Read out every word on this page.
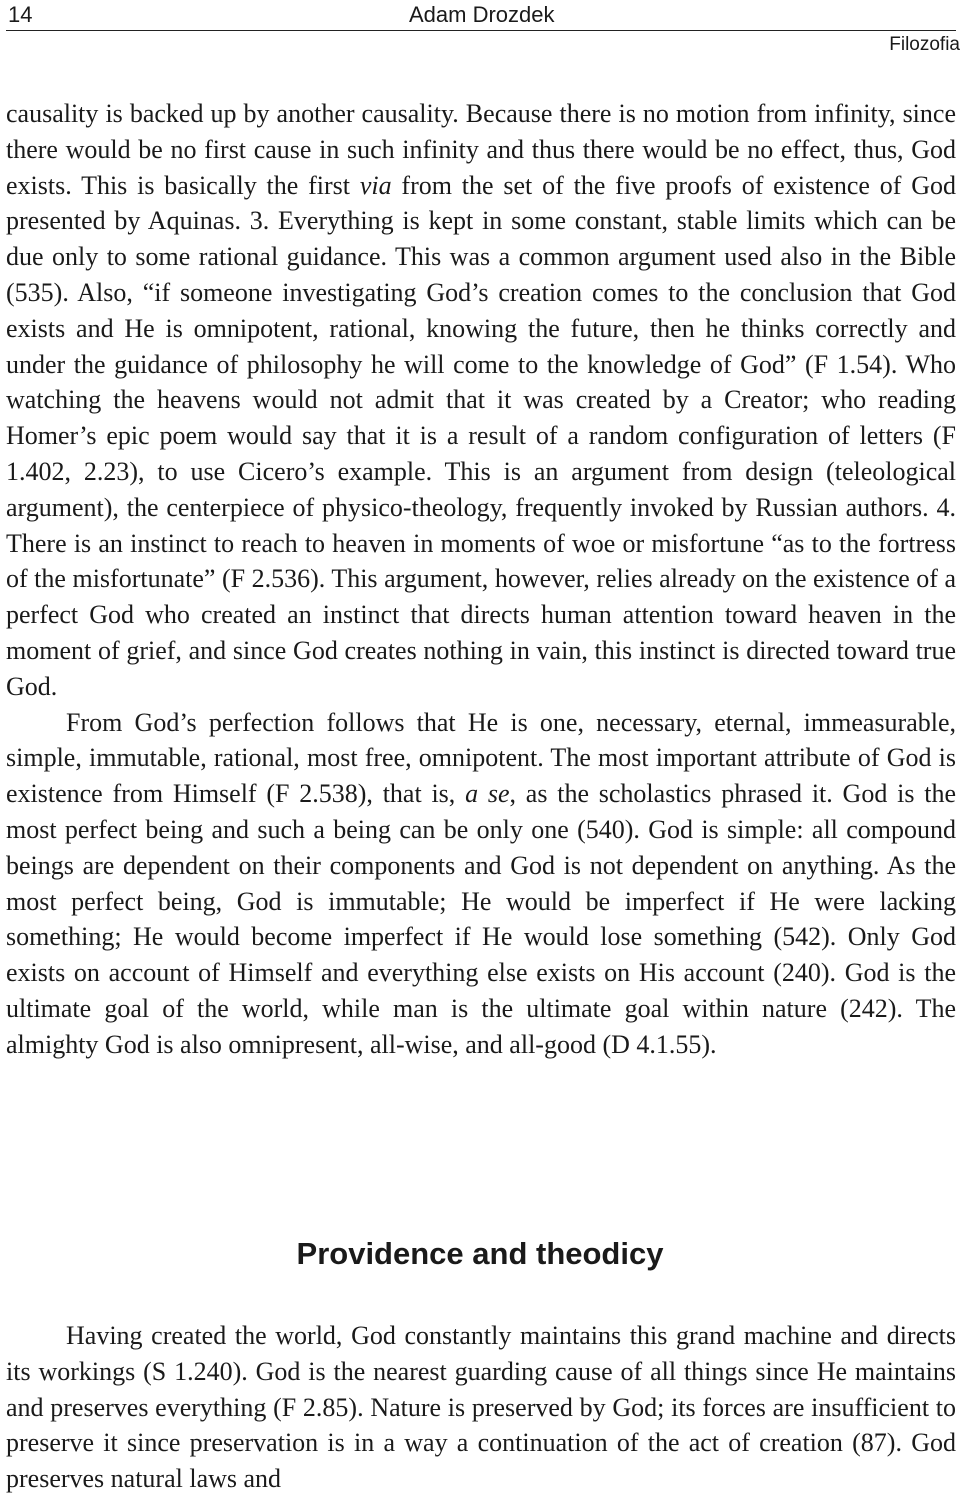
14	Adam Drozdek
Filozofia

causality is backed up by another causality. Because there is no motion from infinity, since there would be no first cause in such infinity and thus there would be no effect, thus, God exists. This is basically the first via from the set of the five proofs of existence of God presented by Aquinas. 3. Everything is kept in some constant, stable limits which can be due only to some rational guidance. This was a common argument used also in the Bible (535). Also, “if someone investigating God’s creation comes to the conclusion that God exists and He is omnipotent, rational, knowing the future, then he thinks correctly and under the guidance of philosophy he will come to the knowledge of God” (F 1.54). Who watching the heavens would not admit that it was created by a Creator; who reading Homer’s epic poem would say that it is a result of a random configuration of letters (F 1.402, 2.23), to use Cicero’s example. This is an argument from design (teleological argument), the centerpiece of physico-theology, frequently invoked by Russian authors. 4. There is an instinct to reach to heaven in moments of woe or misfortune “as to the fortress of the misfortunate” (F 2.536). This argument, however, relies already on the existence of a perfect God who created an instinct that directs human attention toward heaven in the moment of grief, and since God creates nothing in vain, this instinct is directed toward true God.

From God’s perfection follows that He is one, necessary, eternal, immeasurable, simple, immutable, rational, most free, omnipotent. The most important attribute of God is existence from Himself (F 2.538), that is, a se, as the scholastics phrased it. God is the most perfect being and such a being can be only one (540). God is simple: all compound beings are dependent on their components and God is not dependent on anything. As the most perfect being, God is immutable; He would be imperfect if He were lacking something; He would become imperfect if He would lose something (542). Only God exists on account of Himself and everything else exists on His account (240). God is the ultimate goal of the world, while man is the ultimate goal within nature (242). The almighty God is also omnipresent, all-wise, and all-good (D 4.1.55).

Providence and theodicy

Having created the world, God constantly maintains this grand machine and directs its workings (S 1.240). God is the nearest guarding cause of all things since He maintains and preserves everything (F 2.85). Nature is preserved by God; its forces are insufficient to preserve it since preservation is in a way a continuation of the act of creation (87). God preserves natural laws and
